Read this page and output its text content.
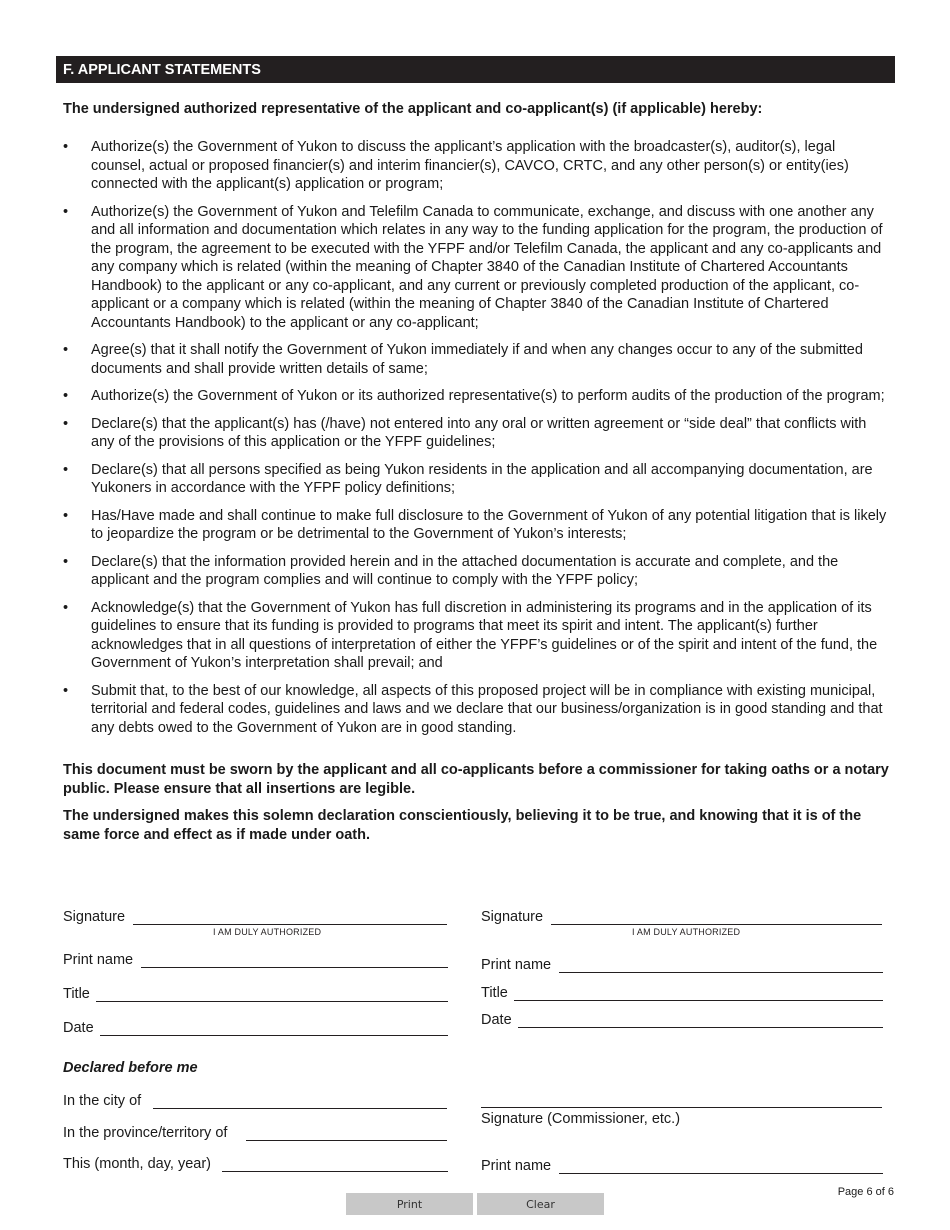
F. APPLICANT STATEMENTS
The undersigned authorized representative of the applicant and co-applicant(s) (if applicable) hereby:
• Authorize(s) the Government of Yukon to discuss the applicant’s application with the broadcaster(s), auditor(s), legal counsel, actual or proposed financier(s) and interim financier(s), CAVCO, CRTC, and any other person(s) or entity(ies) connected with the applicant(s) application or program;
• Authorize(s) the Government of Yukon and Telefilm Canada to communicate, exchange, and discuss with one another any and all information and documentation which relates in any way to the funding application for the program, the production of the program, the agreement to be executed with the YFPF and/or Telefilm Canada, the applicant and any co-applicants and any company which is related (within the meaning of Chapter 3840 of the Canadian Institute of Chartered Accountants Handbook) to the applicant or any co-applicant, and any current or previously completed production of the applicant, co-applicant or a company which is related (within the meaning of Chapter 3840 of the Canadian Institute of Chartered Accountants Handbook) to the applicant or any co-applicant;
• Agree(s) that it shall notify the Government of Yukon immediately if and when any changes occur to any of the submitted documents and shall provide written details of same;
• Authorize(s) the Government of Yukon or its authorized representative(s) to perform audits of the production of the program;
• Declare(s) that the applicant(s) has (/have) not entered into any oral or written agreement or “side deal” that conflicts with any of the provisions of this application or the YFPF guidelines;
• Declare(s) that all persons specified as being Yukon residents in the application and all accompanying documentation, are Yukoners in accordance with the YFPF policy definitions;
• Has/Have made and shall continue to make full disclosure to the Government of Yukon of any potential litigation that is likely to jeopardize the program or be detrimental to the Government of Yukon’s interests;
• Declare(s) that the information provided herein and in the attached documentation is accurate and complete, and the applicant and the program complies and will continue to comply with the YFPF policy;
• Acknowledge(s) that the Government of Yukon has full discretion in administering its programs and in the application of its guidelines to ensure that its funding is provided to programs that meet its spirit and intent. The applicant(s) further acknowledges that in all questions of interpretation of either the YFPF’s guidelines or of the spirit and intent of the fund, the Government of Yukon’s interpretation shall prevail; and
• Submit that, to the best of our knowledge, all aspects of this proposed project will be in compliance with existing municipal, territorial and federal codes, guidelines and laws and we declare that our business/organization is in good standing and that any debts owed to the Government of Yukon are in good standing.
This document must be sworn by the applicant and all co-applicants before a commissioner for taking oaths or a notary public. Please ensure that all insertions are legible.
The undersigned makes this solemn declaration conscientiously, believing it to be true, and knowing that it is of the same force and effect as if made under oath.
Signature
I AM DULY AUTHORIZED
Print name
Title
Date
Signature
I AM DULY AUTHORIZED
Print name
Title
Date
Declared before me
In the city of
In the province/territory of
This (month, day, year)
Signature (Commissioner, etc.)
Print name
Page 6 of 6
Print	Clear
